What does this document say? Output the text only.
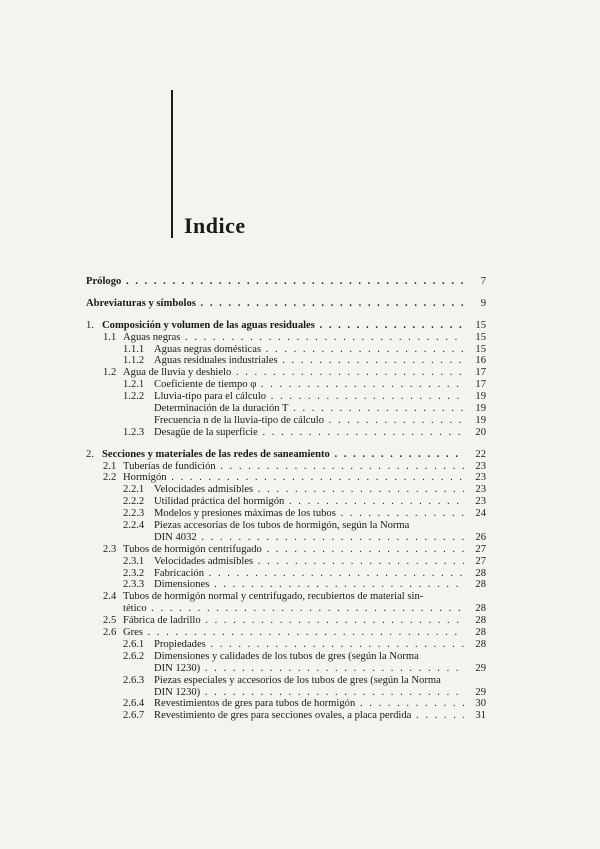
Indice
Prólogo . . .	7
Abreviaturas y símbolos . . .	9
1. Composición y volumen de las aguas residuales . . .	15
1.1 Aguas negras . . .	15
1.1.1 Aguas negras domésticas . . .	15
1.1.2 Aguas residuales industriales . . .	16
1.2 Agua de lluvia y deshielo . . .	17
1.2.1 Coeficiente de tiempo φ . . .	17
1.2.2 Lluvia-tipo para el cálculo . . .	19
Determinación de la duración T . . .	19
Frecuencia n de la lluvia-tipo de cálculo . . .	19
1.2.3 Desagüe de la superficie . . .	20
2. Secciones y materiales de las redes de saneamiento . . .	22
2.1 Tuberías de fundición . . .	23
2.2 Hormigón . . .	23
2.2.1 Velocidades admisibles . . .	23
2.2.2 Utilidad práctica del hormigón . . .	23
2.2.3 Modelos y presiones máximas de los tubos . . .	24
2.2.4 Piezas accesorias de los tubos de hormigón, según la Norma
DIN 4032 . . .	26
2.3 Tubos de hormigón centrifugado . . .	27
2.3.1 Velocidades admisibles . . .	27
2.3.2 Fabricación . . .	28
2.3.3 Dimensiones . . .	28
2.4 Tubos de hormigón normal y centrifugado, recubiertos de material sin-
tético . . .	28
2.5 Fábrica de ladrillo . . .	28
2.6 Gres . . .	28
2.6.1 Propiedades . . .	28
2.6.2 Dimensiones y calidades de los tubos de gres (según la Norma
DIN 1230) . . .	29
2.6.3 Piezas especiales y accesorios de los tubos de gres (según la Norma
DIN 1230) . . .	29
2.6.4 Revestimientos de gres para tubos de hormigón . . .	30
2.6.7 Revestimiento de gres para secciones ovales, a placa perdida . . .	31
